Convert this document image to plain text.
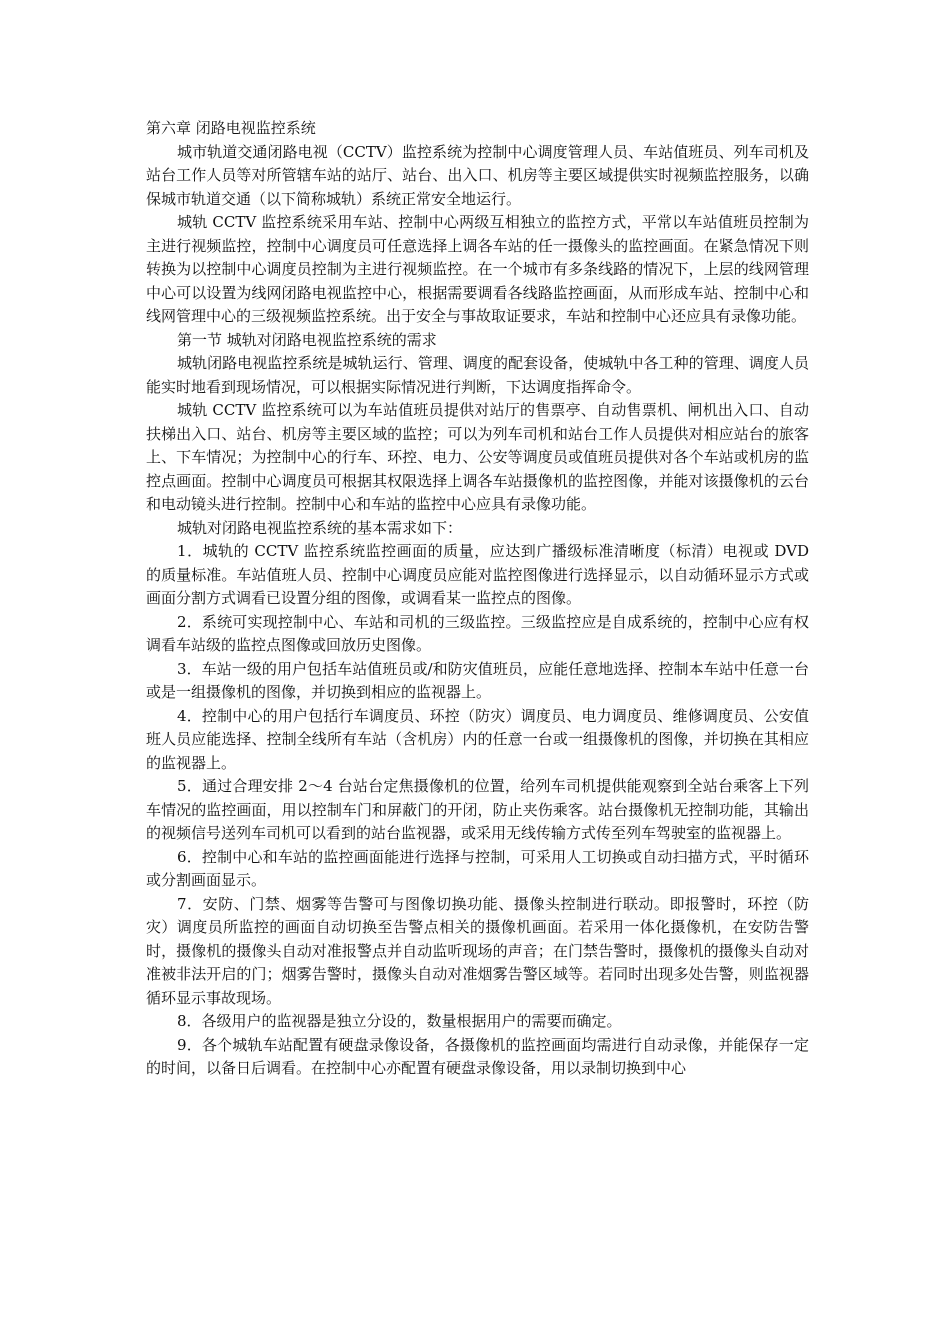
第六章 闭路电视监控系统

城市轨道交通闭路电视（CCTV）监控系统为控制中心调度管理人员、车站值班员、列车司机及站台工作人员等对所管辖车站的站厅、站台、出入口、机房等主要区域提供实时视频监控服务，以确保城市轨道交通（以下简称城轨）系统正常安全地运行。

城轨 CCTV 监控系统采用车站、控制中心两级互相独立的监控方式，平常以车站值班员控制为主进行视频监控，控制中心调度员可任意选择上调各车站的任一摄像头的监控画面。在紧急情况下则转换为以控制中心调度员控制为主进行视频监控。在一个城市有多条线路的情况下，上层的线网管理中心可以设置为线网闭路电视监控中心，根据需要调看各线路监控画面，从而形成车站、控制中心和线网管理中心的三级视频监控系统。出于安全与事故取证要求，车站和控制中心还应具有录像功能。

第一节 城轨对闭路电视监控系统的需求

城轨闭路电视监控系统是城轨运行、管理、调度的配套设备，使城轨中各工种的管理、调度人员能实时地看到现场情况，可以根据实际情况进行判断，下达调度指挥命令。

城轨 CCTV 监控系统可以为车站值班员提供对站厅的售票亭、自动售票机、闸机出入口、自动扶梯出入口、站台、机房等主要区域的监控；可以为列车司机和站台工作人员提供对相应站台的旅客上、下车情况；为控制中心的行车、环控、电力、公安等调度员或值班员提供对各个车站或机房的监控点画面。控制中心调度员可根据其权限选择上调各车站摄像机的监控图像，并能对该摄像机的云台和电动镜头进行控制。控制中心和车站的监控中心应具有录像功能。

城轨对闭路电视监控系统的基本需求如下：

1．城轨的 CCTV 监控系统监控画面的质量，应达到广播级标准清晰度（标清）电视或 DVD 的质量标准。车站值班人员、控制中心调度员应能对监控图像进行选择显示，以自动循环显示方式或画面分割方式调看已设置分组的图像，或调看某一监控点的图像。

2．系统可实现控制中心、车站和司机的三级监控。三级监控应是自成系统的，控制中心应有权调看车站级的监控点图像或回放历史图像。

3．车站一级的用户包括车站值班员或/和防灾值班员，应能任意地选择、控制本车站中任意一台或是一组摄像机的图像，并切换到相应的监视器上。

4．控制中心的用户包括行车调度员、环控（防灾）调度员、电力调度员、维修调度员、公安值班人员应能选择、控制全线所有车站（含机房）内的任意一台或一组摄像机的图像，并切换在其相应的监视器上。

5．通过合理安排 2～4 台站台定焦摄像机的位置，给列车司机提供能观察到全站台乘客上下列车情况的监控画面，用以控制车门和屏蔽门的开闭，防止夹伤乘客。站台摄像机无控制功能，其输出的视频信号送列车司机可以看到的站台监视器，或采用无线传输方式传至列车驾驶室的监视器上。

6．控制中心和车站的监控画面能进行选择与控制，可采用人工切换或自动扫描方式，平时循环或分割画面显示。

7．安防、门禁、烟雾等告警可与图像切换功能、摄像头控制进行联动。即报警时，环控（防灾）调度员所监控的画面自动切换至告警点相关的摄像机画面。若采用一体化摄像机，在安防告警时，摄像机的摄像头自动对准报警点并自动监听现场的声音；在门禁告警时，摄像机的摄像头自动对准被非法开启的门；烟雾告警时，摄像头自动对准烟雾告警区域等。若同时出现多处告警，则监视器循环显示事故现场。

8．各级用户的监视器是独立分设的，数量根据用户的需要而确定。

9．各个城轨车站配置有硬盘录像设备，各摄像机的监控画面均需进行自动录像，并能保存一定的时间，以备日后调看。在控制中心亦配置有硬盘录像设备，用以录制切换到中心
